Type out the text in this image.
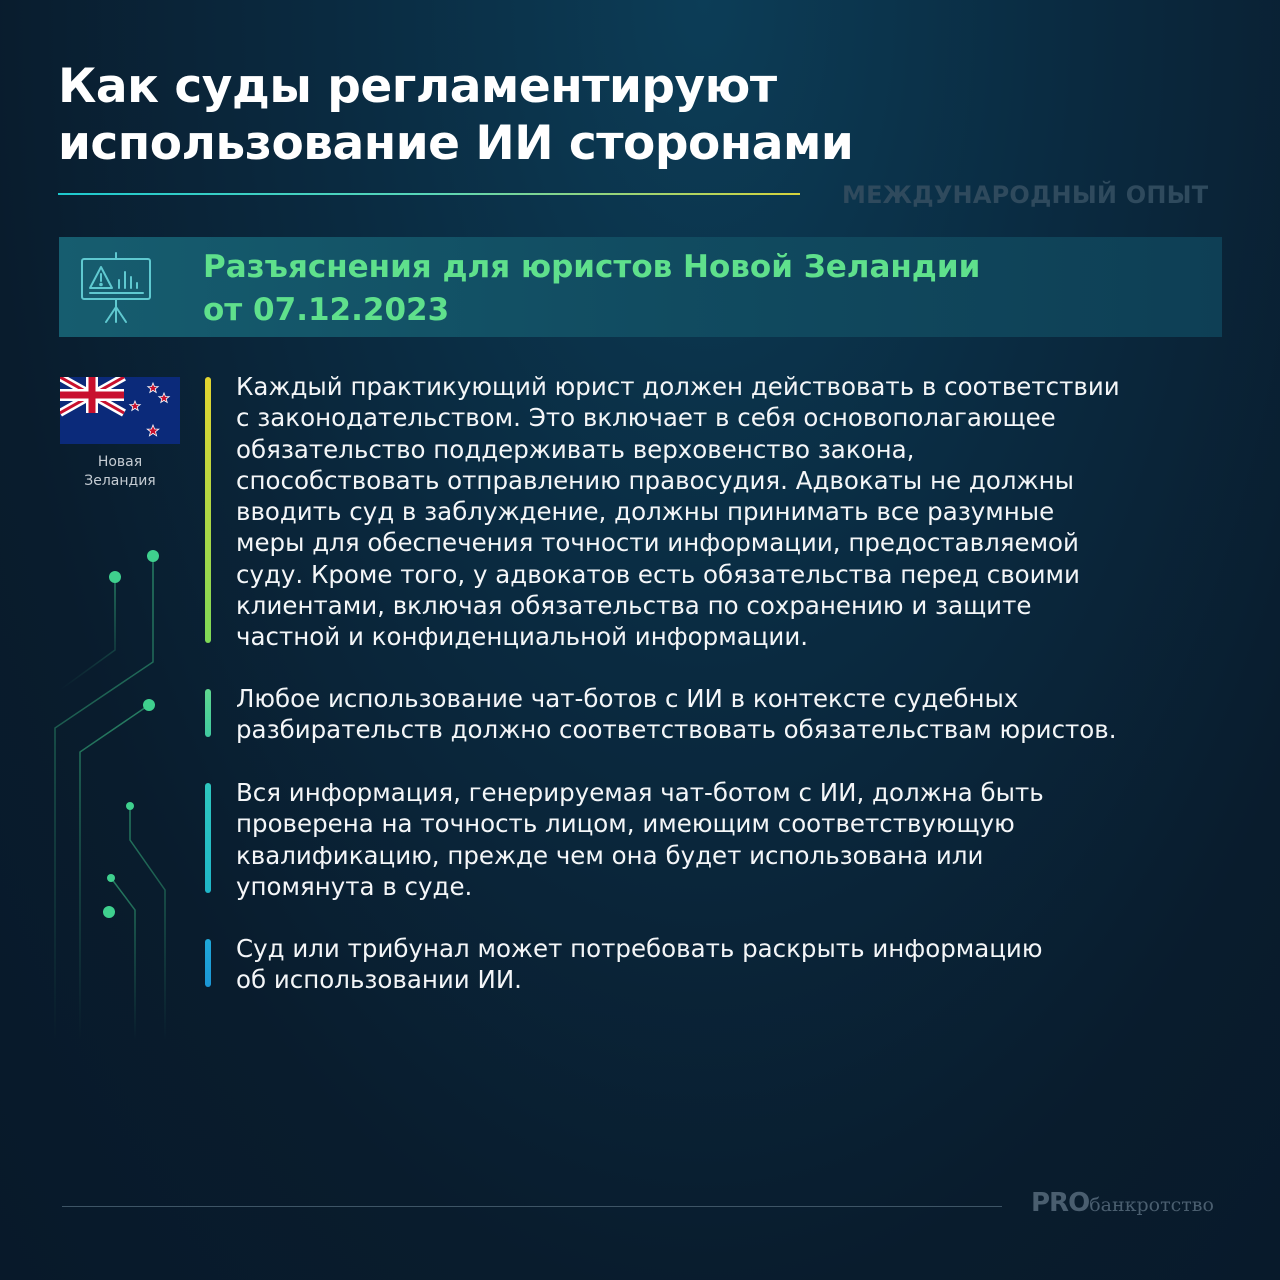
Как суды регламентируют
использование ИИ сторонами
МЕЖДУНАРОДНЫЙ ОПЫТ
Разъяснения для юристов Новой Зеландии
от 07.12.2023
Новая
Зеландия
Каждый практикующий юрист должен действовать в соответствии
с законодательством. Это включает в себя основополагающее
обязательство поддерживать верховенство закона,
способствовать отправлению правосудия. Адвокаты не должны
вводить суд в заблуждение, должны принимать все разумные
меры для обеспечения точности информации, предоставляемой
суду. Кроме того, у адвокатов есть обязательства перед своими
клиентами, включая обязательства по сохранению и защите
частной и конфиденциальной информации.
Любое использование чат-ботов с ИИ в контексте судебных
разбирательств должно соответствовать обязательствам юристов.
Вся информация, генерируемая чат-ботом с ИИ, должна быть
проверена на точность лицом, имеющим соответствующую
квалификацию, прежде чем она будет использована или
упомянута в суде.
Суд или трибунал может потребовать раскрыть информацию
об использовании ИИ.
PROбанкротство
